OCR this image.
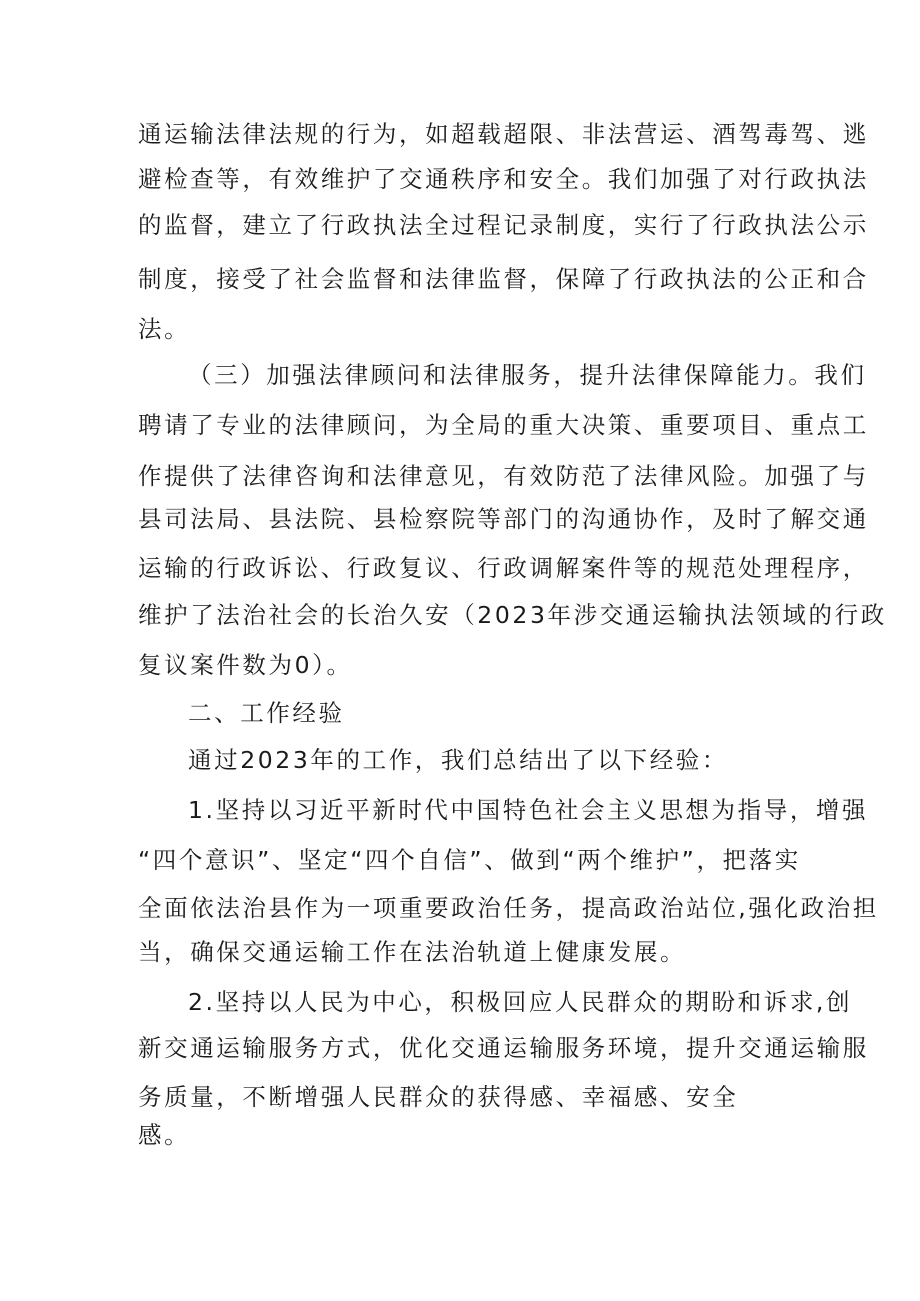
通运输法律法规的行为，如超载超限、非法营运、酒驾毒驾、逃
避检查等，有效维护了交通秩序和安全。我们加强了对行政执法
的监督，建立了行政执法全过程记录制度，实行了行政执法公示
制度，接受了社会监督和法律监督，保障了行政执法的公正和合
法。
（三）加强法律顾问和法律服务，提升法律保障能力。我们
聘请了专业的法律顾问，为全局的重大决策、重要项目、重点工
作提供了法律咨询和法律意见，有效防范了法律风险。加强了与
县司法局、县法院、县检察院等部门的沟通协作，及时了解交通
运输的行政诉讼、行政复议、行政调解案件等的规范处理程序，
维护了法治社会的长治久安（2023年涉交通运输执法领域的行政
复议案件数为0）。
二、工作经验
通过2023年的工作，我们总结出了以下经验：
1.坚持以习近平新时代中国特色社会主义思想为指导，增强
“四个意识”、坚定“四个自信”、做到“两个维护”，把落实
全面依法治县作为一项重要政治任务，提高政治站位,强化政治担
当，确保交通运输工作在法治轨道上健康发展。
2.坚持以人民为中心，积极回应人民群众的期盼和诉求,创
新交通运输服务方式，优化交通运输服务环境，提升交通运输服
务质量，不断增强人民群众的获得感、幸福感、安全
感。
